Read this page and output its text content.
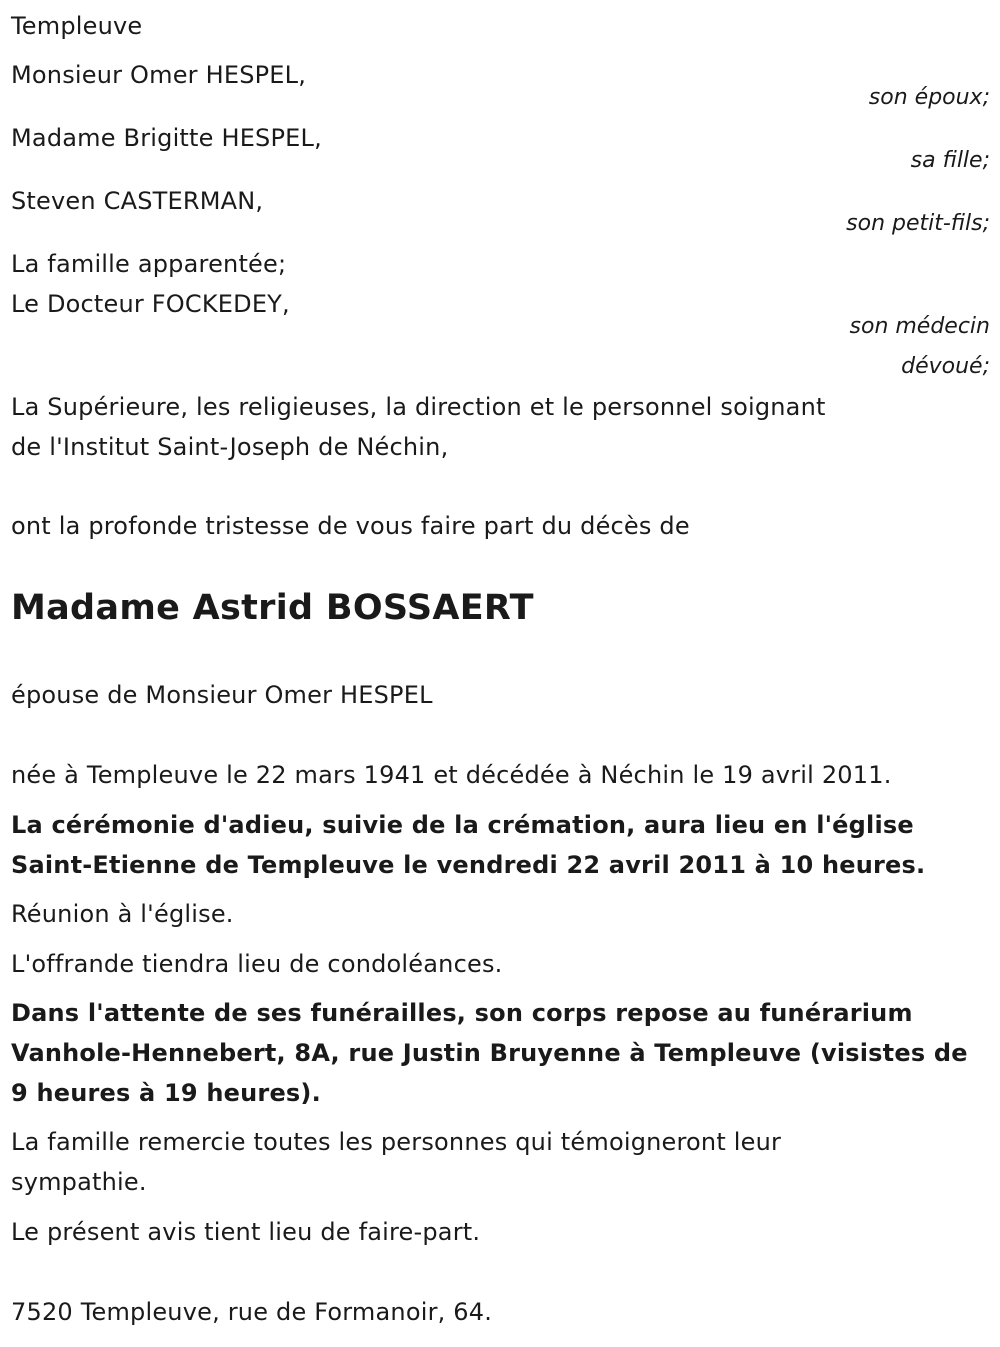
Templeuve
Monsieur Omer HESPEL,
son époux;
Madame Brigitte HESPEL,
sa fille;
Steven CASTERMAN,
son petit-fils;
La famille apparentée;
Le Docteur FOCKEDEY,
son médecin
dévoué;
La Supérieure, les religieuses, la direction et le personnel soignant
de l'Institut Saint-Joseph de Néchin,
ont la profonde tristesse de vous faire part du décès de
Madame Astrid BOSSAERT
épouse de Monsieur Omer HESPEL
née à Templeuve le 22 mars 1941 et décédée à Néchin le 19 avril 2011.
La cérémonie d'adieu, suivie de la crémation, aura lieu en l'église
Saint-Etienne de Templeuve le vendredi 22 avril 2011 à 10 heures.
Réunion à l'église.
L'offrande tiendra lieu de condoléances.
Dans l'attente de ses funérailles, son corps repose au funérarium
Vanhole-Hennebert, 8A, rue Justin Bruyenne à Templeuve (visistes de
9 heures à 19 heures).
La famille remercie toutes les personnes qui témoigneront leur
sympathie.
Le présent avis tient lieu de faire-part.
7520 Templeuve, rue de Formanoir, 64.
